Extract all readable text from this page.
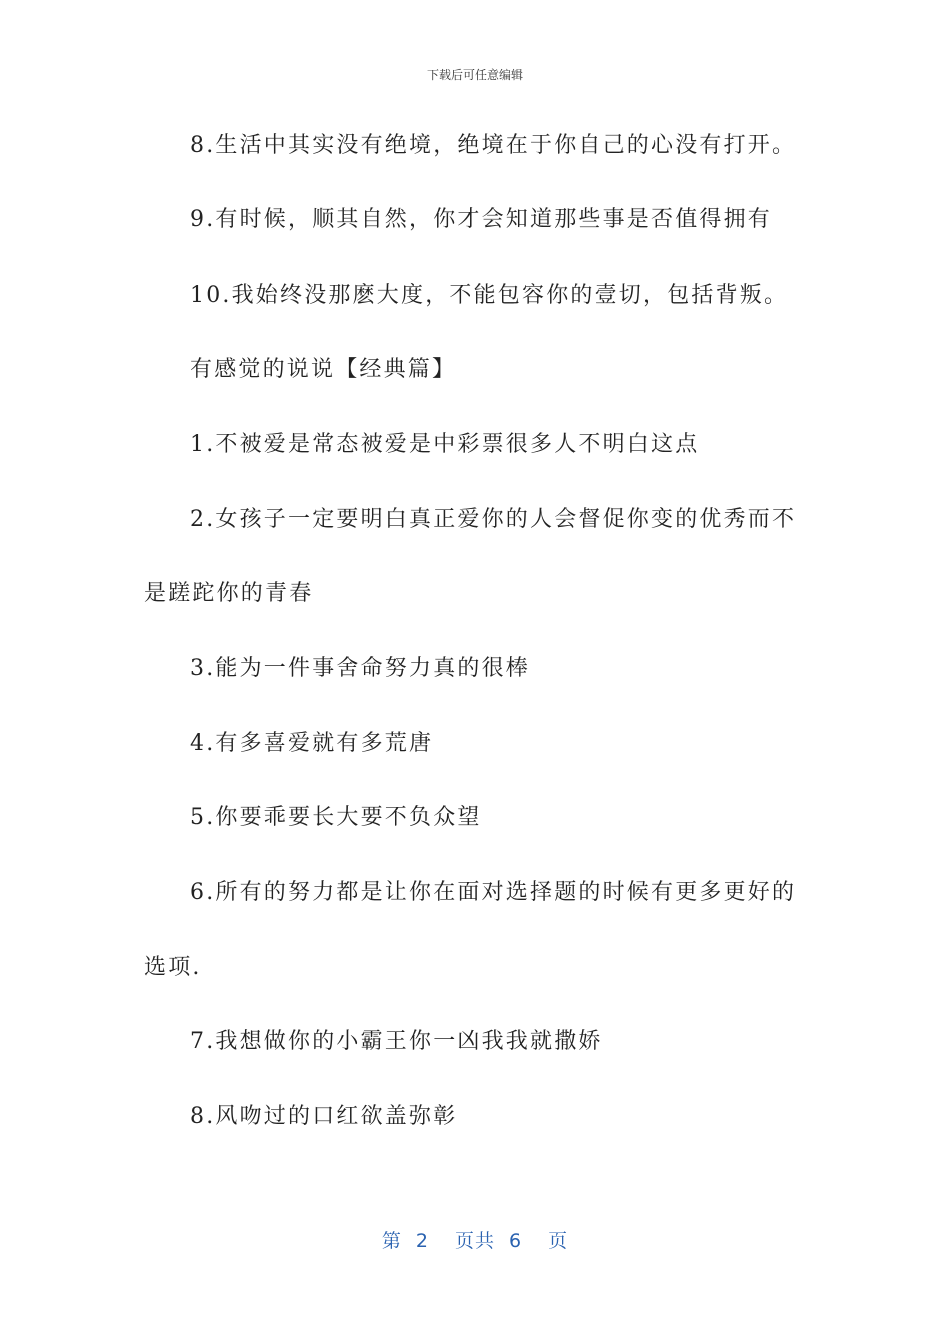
下载后可任意编辑
8.生活中其实没有绝境，绝境在于你自己的心没有打开。
9.有时候，顺其自然，你才会知道那些事是否值得拥有
10.我始终没那麽大度，不能包容你的壹切，包括背叛。
有感觉的说说【经典篇】
1.不被爱是常态被爱是中彩票很多人不明白这点
2.女孩子一定要明白真正爱你的人会督促你变的优秀而不
是蹉跎你的青春
3.能为一件事舍命努力真的很棒
4.有多喜爱就有多荒唐
5.你要乖要长大要不负众望
6.所有的努力都是让你在面对选择题的时候有更多更好的
选项.
7.我想做你的小霸王你一凶我我就撒娇
8.风吻过的口红欲盖弥彰
第 2 页共 6 页
